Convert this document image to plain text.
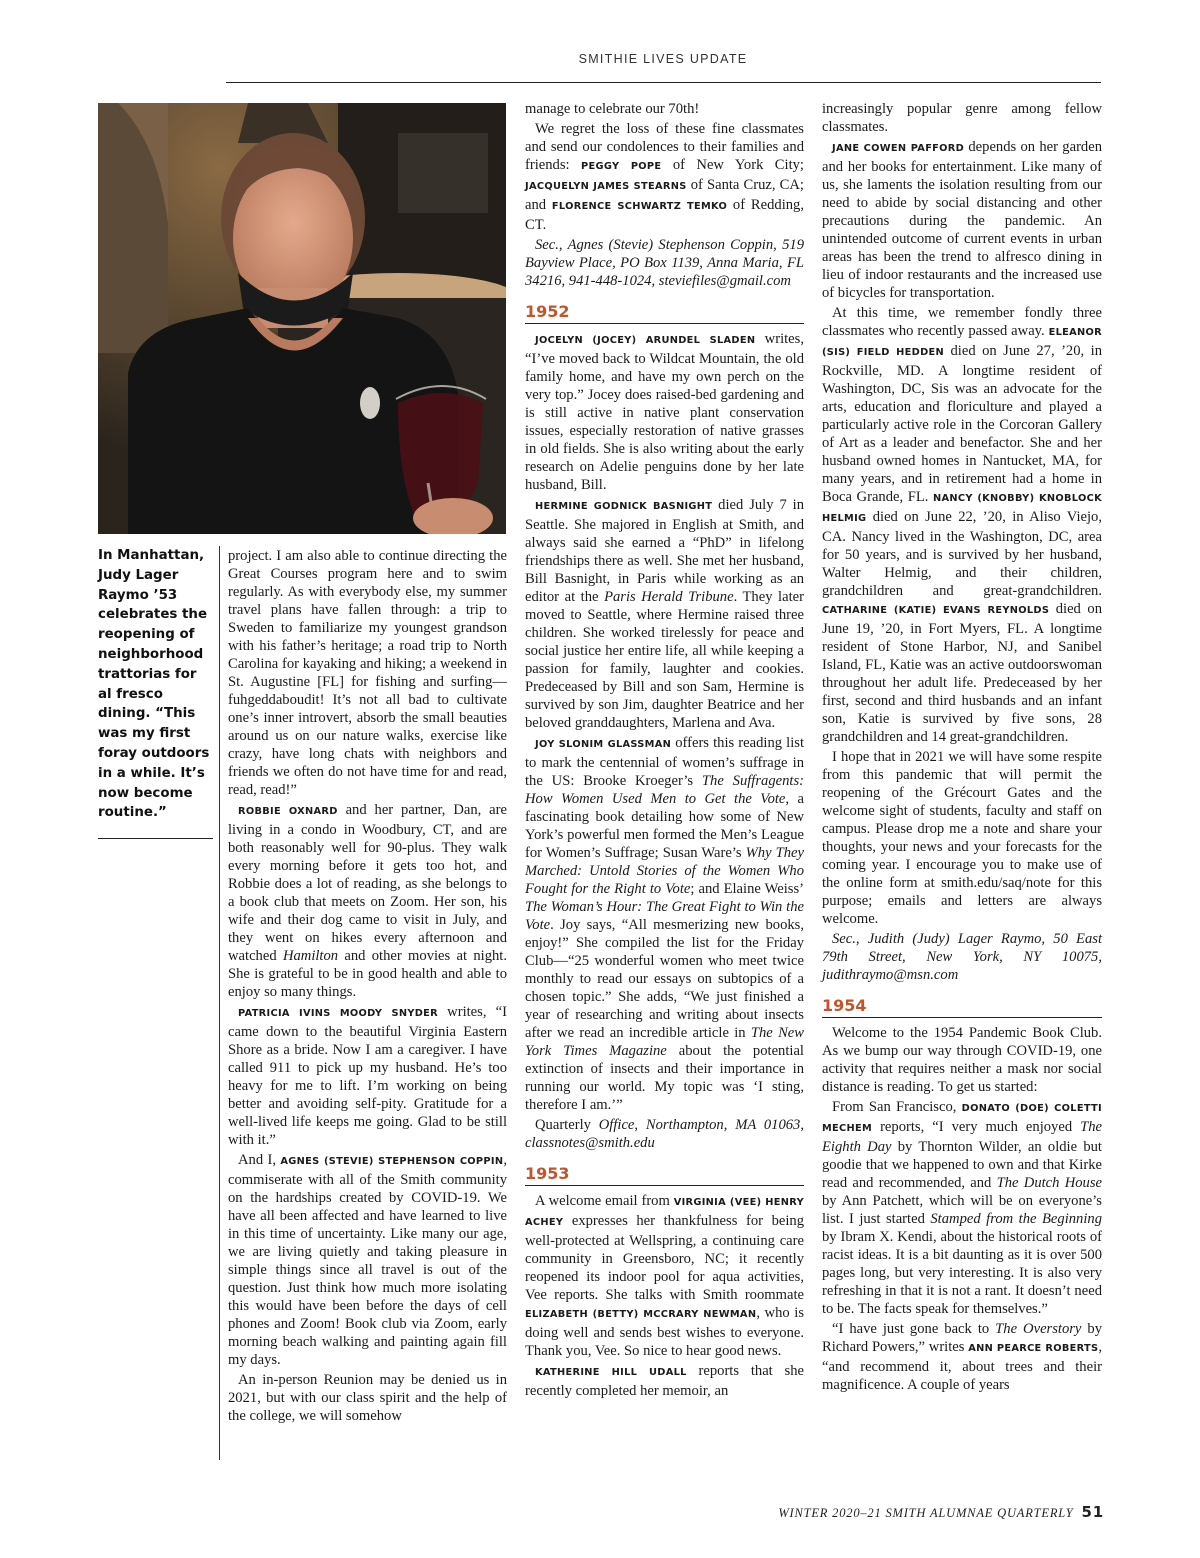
SMITHIE LIVES UPDATE
In Manhattan, Judy Lager Raymo ’53 celebrates the reopening of neighborhood trattorias for al fresco dining. “This was my first foray outdoors in a while. It’s now become routine.”

project. I am also able to continue directing the Great Courses program here and to swim regularly. As with everybody else, my summer travel plans have fallen through: a trip to Sweden to familiarize my youngest grandson with his father’s heritage; a road trip to North Carolina for kayaking and hiking; a weekend in St. Augustine [FL] for fishing and surfing—fuhgeddaboudit! It’s not all bad to cultivate one’s inner introvert, absorb the small beauties around us on our nature walks, exercise like crazy, have long chats with neighbors and friends we often do not have time for and read, read, read!”

ROBBIE OXNARD and her partner, Dan, are living in a condo in Woodbury, CT, and are both reasonably well for 90-plus. They walk every morning before it gets too hot, and Robbie does a lot of reading, as she belongs to a book club that meets on Zoom. Her son, his wife and their dog came to visit in July, and they went on hikes every afternoon and watched Hamilton and other movies at night. She is grateful to be in good health and able to enjoy so many things.

PATRICIA IVINS MOODY SNYDER writes, “I came down to the beautiful Virginia Eastern Shore as a bride. Now I am a caregiver. I have called 911 to pick up my husband. He’s too heavy for me to lift. I’m working on being better and avoiding self-pity. Gratitude for a well-lived life keeps me going. Glad to be still with it.”

And I, AGNES (STEVIE) STEPHENSON COPPIN, commiserate with all of the Smith community on the hardships created by COVID-19. We have all been affected and have learned to live in this time of uncertainty. Like many our age, we are living quietly and taking pleasure in simple things since all travel is out of the question. Just think how much more isolating this would have been before the days of cell phones and Zoom! Book club via Zoom, early morning beach walking and painting again fill my days.

An in-person Reunion may be denied us in 2021, but with our class spirit and the help of the college, we will somehow

manage to celebrate our 70th!

We regret the loss of these fine classmates and send our condolences to their families and friends: PEGGY POPE of New York City; JACQUELYN JAMES STEARNS of Santa Cruz, CA; and FLORENCE SCHWARTZ TEMKO of Redding, CT.

Sec., Agnes (Stevie) Stephenson Coppin, 519 Bayview Place, PO Box 1139, Anna Maria, FL 34216, 941-448-1024, steviefiles@gmail.com

1952

JOCELYN (JOCEY) ARUNDEL SLADEN writes, “I’ve moved back to Wildcat Mountain, the old family home, and have my own perch on the very top.” Jocey does raised-bed gardening and is still active in native plant conservation issues, especially restoration of native grasses in old fields. She is also writing about the early research on Adelie penguins done by her late husband, Bill.

HERMINE GODNICK BASNIGHT died July 7 in Seattle. She majored in English at Smith, and always said she earned a “PhD” in lifelong friendships there as well. She met her husband, Bill Basnight, in Paris while working as an editor at the Paris Herald Tribune. They later moved to Seattle, where Hermine raised three children. She worked tirelessly for peace and social justice her entire life, all while keeping a passion for family, laughter and cookies. Predeceased by Bill and son Sam, Hermine is survived by son Jim, daughter Beatrice and her beloved granddaughters, Marlena and Ava.

JOY SLONIM GLASSMAN offers this reading list to mark the centennial of women’s suffrage in the US: Brooke Kroeger’s The Suffragents: How Women Used Men to Get the Vote, a fascinating book detailing how some of New York’s powerful men formed the Men’s League for Women’s Suffrage; Susan Ware’s Why They Marched: Untold Stories of the Women Who Fought for the Right to Vote; and Elaine Weiss’ The Woman’s Hour: The Great Fight to Win the Vote. Joy says, “All mesmerizing new books, enjoy!” She compiled the list for the Friday Club—“25 wonderful women who meet twice monthly to read our essays on subtopics of a chosen topic.” She adds, “We just finished a year of researching and writing about insects after we read an incredible article in The New York Times Magazine about the potential extinction of insects and their importance in running our world. My topic was ‘I sting, therefore I am.’”

Quarterly Office, Northampton, MA 01063, classnotes@smith.edu

1953

A welcome email from VIRGINIA (VEE) HENRY ACHEY expresses her thankfulness for being well-protected at Wellspring, a continuing care community in Greensboro, NC; it recently reopened its indoor pool for aqua activities, Vee reports. She talks with Smith roommate ELIZABETH (BETTY) MCCRARY NEWMAN, who is doing well and sends best wishes to everyone. Thank you, Vee. So nice to hear good news.

KATHERINE HILL UDALL reports that she recently completed her memoir, an

increasingly popular genre among fellow classmates.

JANE COWEN PAFFORD depends on her garden and her books for entertainment. Like many of us, she laments the isolation resulting from our need to abide by social distancing and other precautions during the pandemic. An unintended outcome of current events in urban areas has been the trend to alfresco dining in lieu of indoor restaurants and the increased use of bicycles for transportation.

At this time, we remember fondly three classmates who recently passed away. ELEANOR (SIS) FIELD HEDDEN died on June 27, ’20, in Rockville, MD. A longtime resident of Washington, DC, Sis was an advocate for the arts, education and floriculture and played a particularly active role in the Corcoran Gallery of Art as a leader and benefactor. She and her husband owned homes in Nantucket, MA, for many years, and in retirement had a home in Boca Grande, FL. NANCY (KNOBBY) KNOBLOCK HELMIG died on June 22, ’20, in Aliso Viejo, CA. Nancy lived in the Washington, DC, area for 50 years, and is survived by her husband, Walter Helmig, and their children, grandchildren and great-grandchildren. CATHARINE (KATIE) EVANS REYNOLDS died on June 19, ’20, in Fort Myers, FL. A longtime resident of Stone Harbor, NJ, and Sanibel Island, FL, Katie was an active outdoorswoman throughout her adult life. Predeceased by her first, second and third husbands and an infant son, Katie is survived by five sons, 28 grandchildren and 14 great-grandchildren.

I hope that in 2021 we will have some respite from this pandemic that will permit the reopening of the Grécourt Gates and the welcome sight of students, faculty and staff on campus. Please drop me a note and share your thoughts, your news and your forecasts for the coming year. I encourage you to make use of the online form at smith.edu/saq/note for this purpose; emails and letters are always welcome.

Sec., Judith (Judy) Lager Raymo, 50 East 79th Street, New York, NY 10075, judithraymo@msn.com

1954

Welcome to the 1954 Pandemic Book Club. As we bump our way through COVID-19, one activity that requires neither a mask nor social distance is reading. To get us started:

From San Francisco, DONATO (DOE) COLETTI MECHEM reports, “I very much enjoyed The Eighth Day by Thornton Wilder, an oldie but goodie that we happened to own and that Kirke read and recommended, and The Dutch House by Ann Patchett, which will be on everyone’s list. I just started Stamped from the Beginning by Ibram X. Kendi, about the historical roots of racist ideas. It is a bit daunting as it is over 500 pages long, but very interesting. It is also very refreshing in that it is not a rant. It doesn’t need to be. The facts speak for themselves.”

“I have just gone back to The Overstory by Richard Powers,” writes ANN PEARCE ROBERTS, “and recommend it, about trees and their magnificence. A couple of years

WINTER 2020–21 SMITH ALUMNAE QUARTERLY 51
